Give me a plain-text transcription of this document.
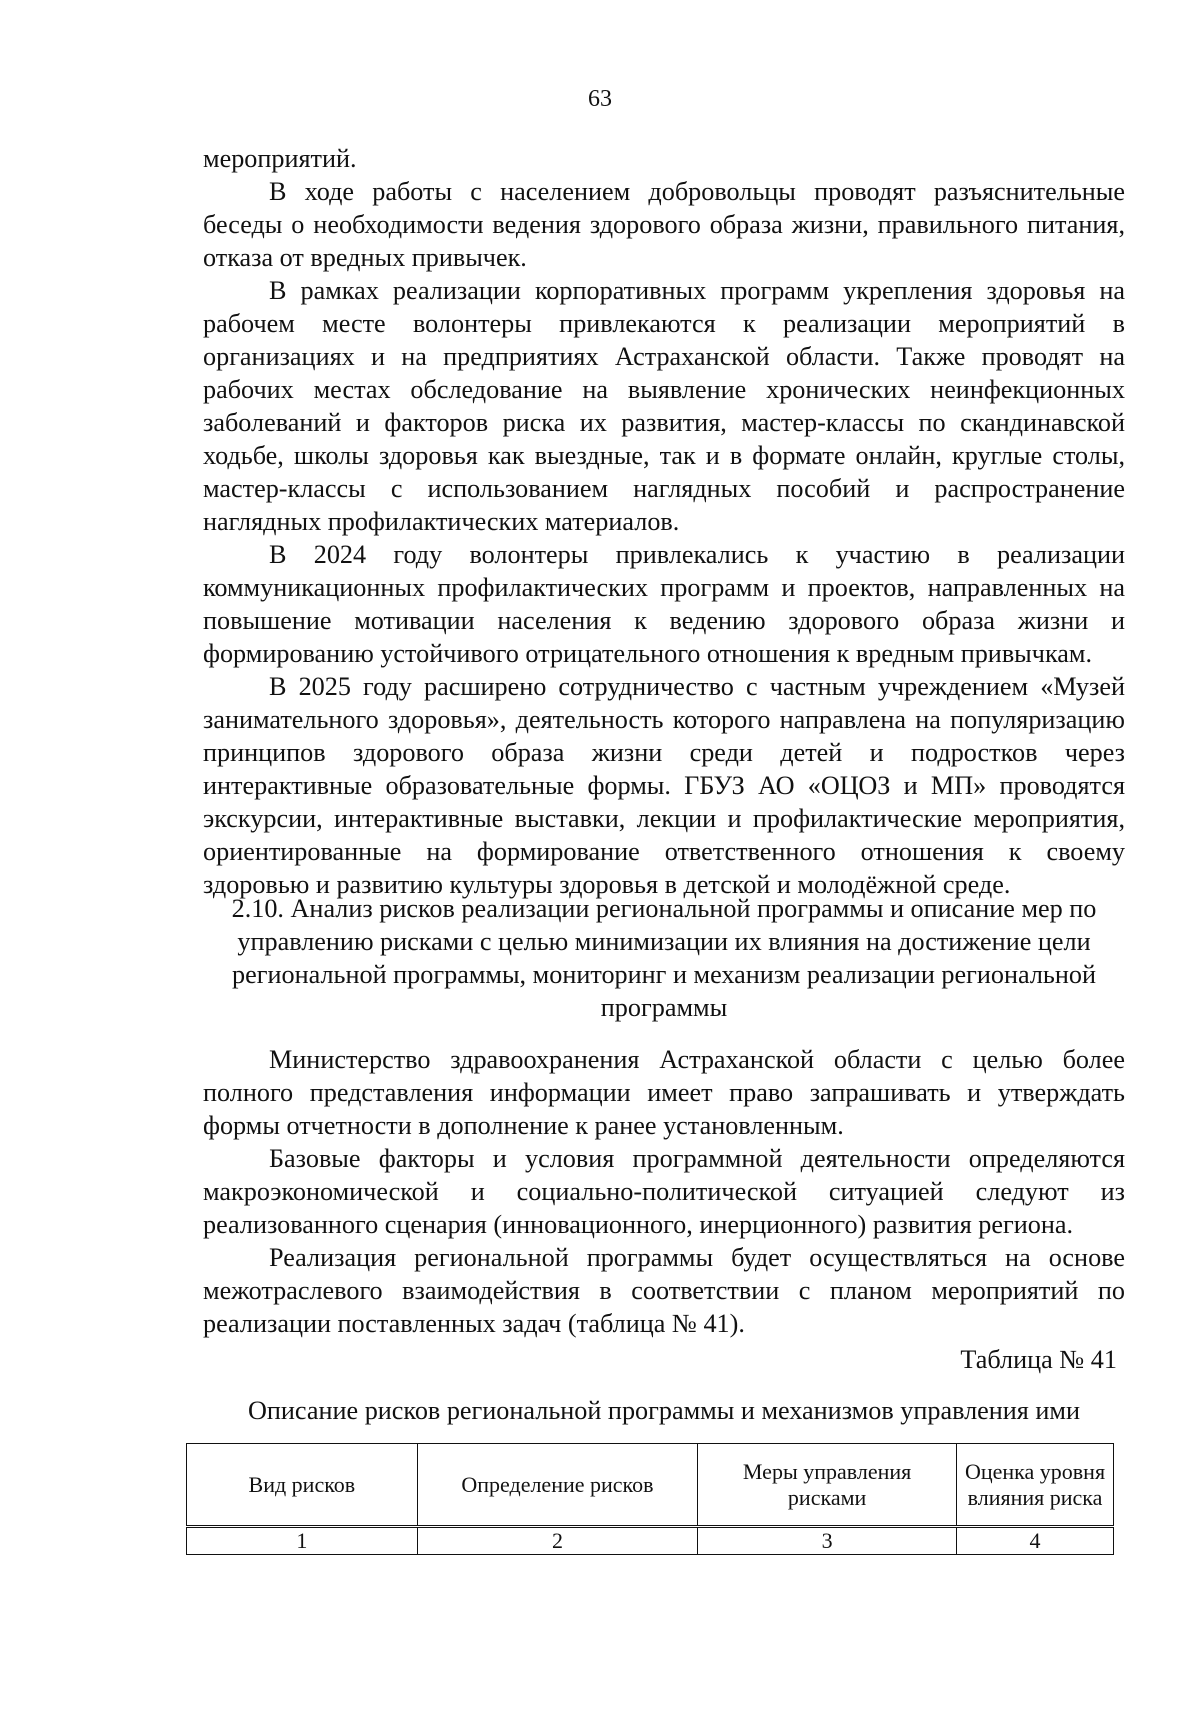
63

мероприятий.

В ходе работы с населением добровольцы проводят разъяснительные беседы о необходимости ведения здорового образа жизни, правильного питания, отказа от вредных привычек.

В рамках реализации корпоративных программ укрепления здоровья на рабочем месте волонтеры привлекаются к реализации мероприятий в организациях и на предприятиях Астраханской области. Также проводят на рабочих местах обследование на выявление хронических неинфекционных заболеваний и факторов риска их развития, мастер-классы по скандинавской ходьбе, школы здоровья как выездные, так и в формате онлайн, круглые столы, мастер-классы с использованием наглядных пособий и распространение наглядных профилактических материалов.

В 2024 году волонтеры привлекались к участию в реализации коммуникационных профилактических программ и проектов, направленных на повышение мотивации населения к ведению здорового образа жизни и формированию устойчивого отрицательного отношения к вредным привычкам.

В 2025 году расширено сотрудничество с частным учреждением «Музей занимательного здоровья», деятельность которого направлена на популяризацию принципов здорового образа жизни среди детей и подростков через интерактивные образовательные формы. ГБУЗ АО «ОЦОЗ и МП» проводятся экскурсии, интерактивные выставки, лекции и профилактические мероприятия, ориентированные на формирование ответственного отношения к своему здоровью и развитию культуры здоровья в детской и молодёжной среде.

2.10. Анализ рисков реализации региональной программы и описание мер по управлению рисками с целью минимизации их влияния на достижение цели региональной программы, мониторинг и механизм реализации региональной программы

Министерство здравоохранения Астраханской области с целью более полного представления информации имеет право запрашивать и утверждать формы отчетности в дополнение к ранее установленным.

Базовые факторы и условия программной деятельности определяются макроэкономической и социально-политической ситуацией следуют из реализованного сценария (инновационного, инерционного) развития региона.

Реализация региональной программы будет осуществляться на основе межотраслевого взаимодействия в соответствии с планом мероприятий по реализации поставленных задач (таблица № 41).

Таблица № 41
Описание рисков региональной программы и механизмов управления ими
Вид рисков	Определение рисков	Меры управления рисками	Оценка уровня влияния риска
1	2	3	4
